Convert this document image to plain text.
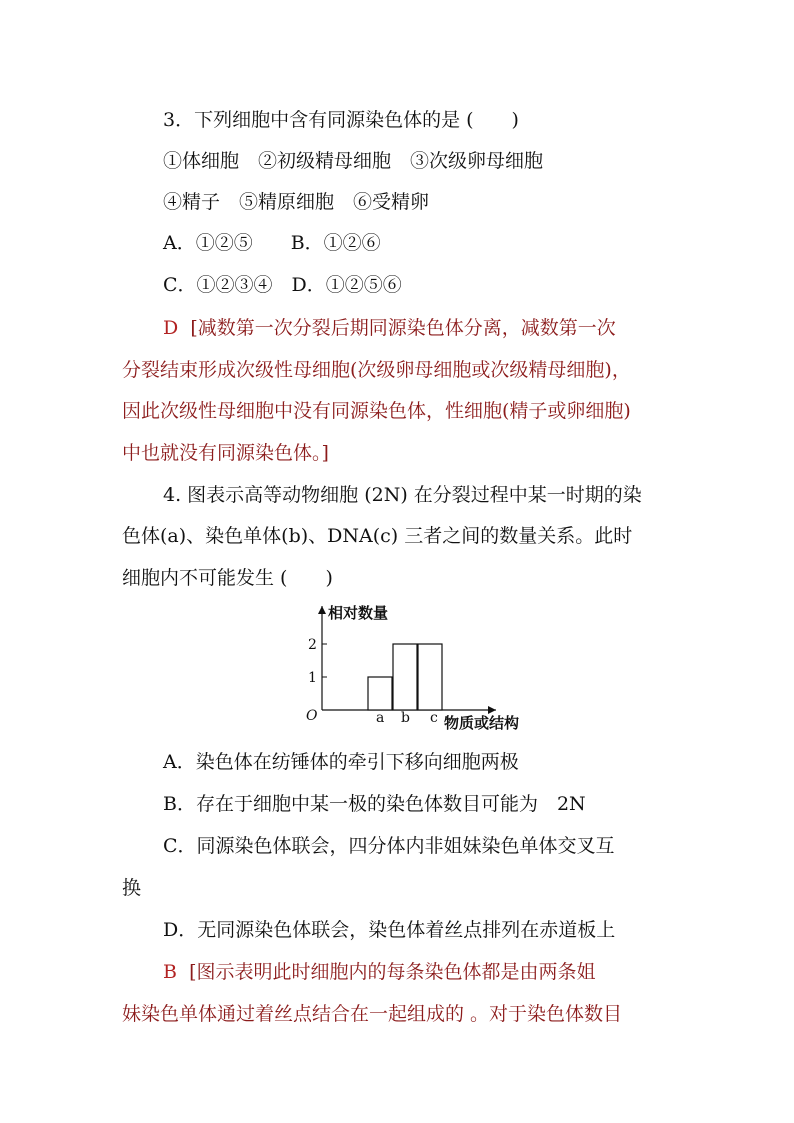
3．下列细胞中含有同源染色体的是 (　　)
①体细胞　②初级精母细胞　③次级卵母细胞
④精子　⑤精原细胞　⑥受精卵
A．①②⑤　　B．①②⑥
C．①②③④　D．①②⑤⑥
D [减数第一次分裂后期同源染色体分离，减数第一次
分裂结束形成次级性母细胞(次级卵母细胞或次级精母细胞)，
因此次级性母细胞中没有同源染色体，性细胞(精子或卵细胞)
中也就没有同源染色体。]
4. 图表示高等动物细胞 (2N) 在分裂过程中某一时期的染
色体(a)、染色单体(b)、DNA(c) 三者之间的数量关系。此时
细胞内不可能发生 (　　)
相对数量
O	物质或结构
1
2
a b c
A．染色体在纺锤体的牵引下移向细胞两极
B．存在于细胞中某一极的染色体数目可能为　2N
C．同源染色体联会，四分体内非姐妹染色单体交叉互
换
D．无同源染色体联会，染色体着丝点排列在赤道板上
B [图示表明此时细胞内的每条染色体都是由两条姐
妹染色单体通过着丝点结合在一起组成的 。对于染色体数目
